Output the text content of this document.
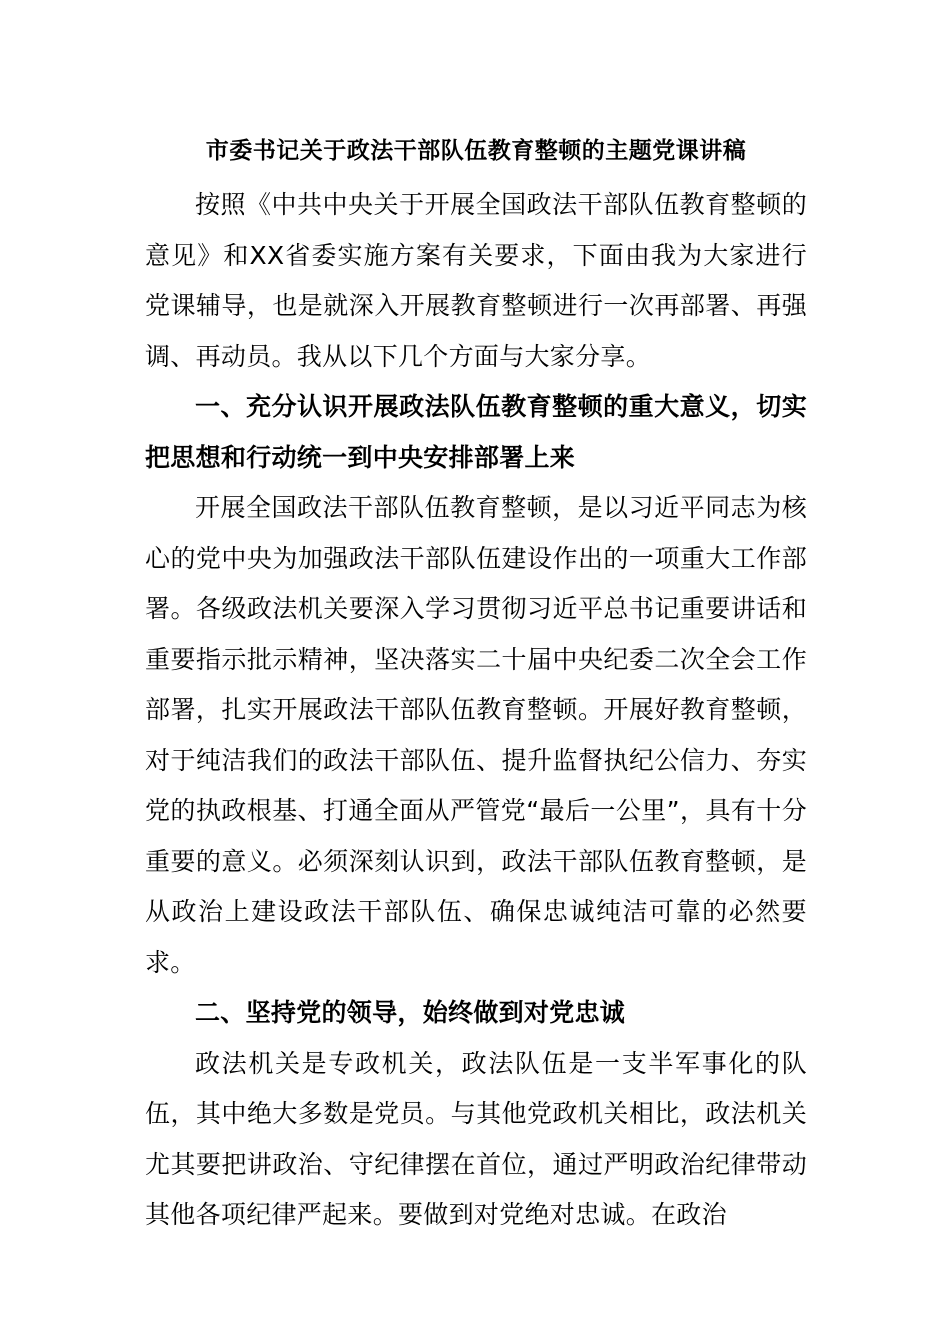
市委书记关于政法干部队伍教育整顿的主题党课讲稿

按照《中共中央关于开展全国政法干部队伍教育整顿的意见》和XX省委实施方案有关要求，下面由我为大家进行党课辅导，也是就深入开展教育整顿进行一次再部署、再强调、再动员。我从以下几个方面与大家分享。

一、充分认识开展政法队伍教育整顿的重大意义，切实把思想和行动统一到中央安排部署上来

开展全国政法干部队伍教育整顿，是以习近平同志为核心的党中央为加强政法干部队伍建设作出的一项重大工作部署。各级政法机关要深入学习贯彻习近平总书记重要讲话和重要指示批示精神，坚决落实二十届中央纪委二次全会工作部署，扎实开展政法干部队伍教育整顿。开展好教育整顿，对于纯洁我们的政法干部队伍、提升监督执纪公信力、夯实党的执政根基、打通全面从严管党“最后一公里”，具有十分重要的意义。必须深刻认识到，政法干部队伍教育整顿，是从政治上建设政法干部队伍、确保忠诚纯洁可靠的必然要求。

二、坚持党的领导，始终做到对党忠诚

政法机关是专政机关，政法队伍是一支半军事化的队伍，其中绝大多数是党员。与其他党政机关相比，政法机关尤其要把讲政治、守纪律摆在首位，通过严明政治纪律带动其他各项纪律严起来。要做到对党绝对忠诚。在政治
